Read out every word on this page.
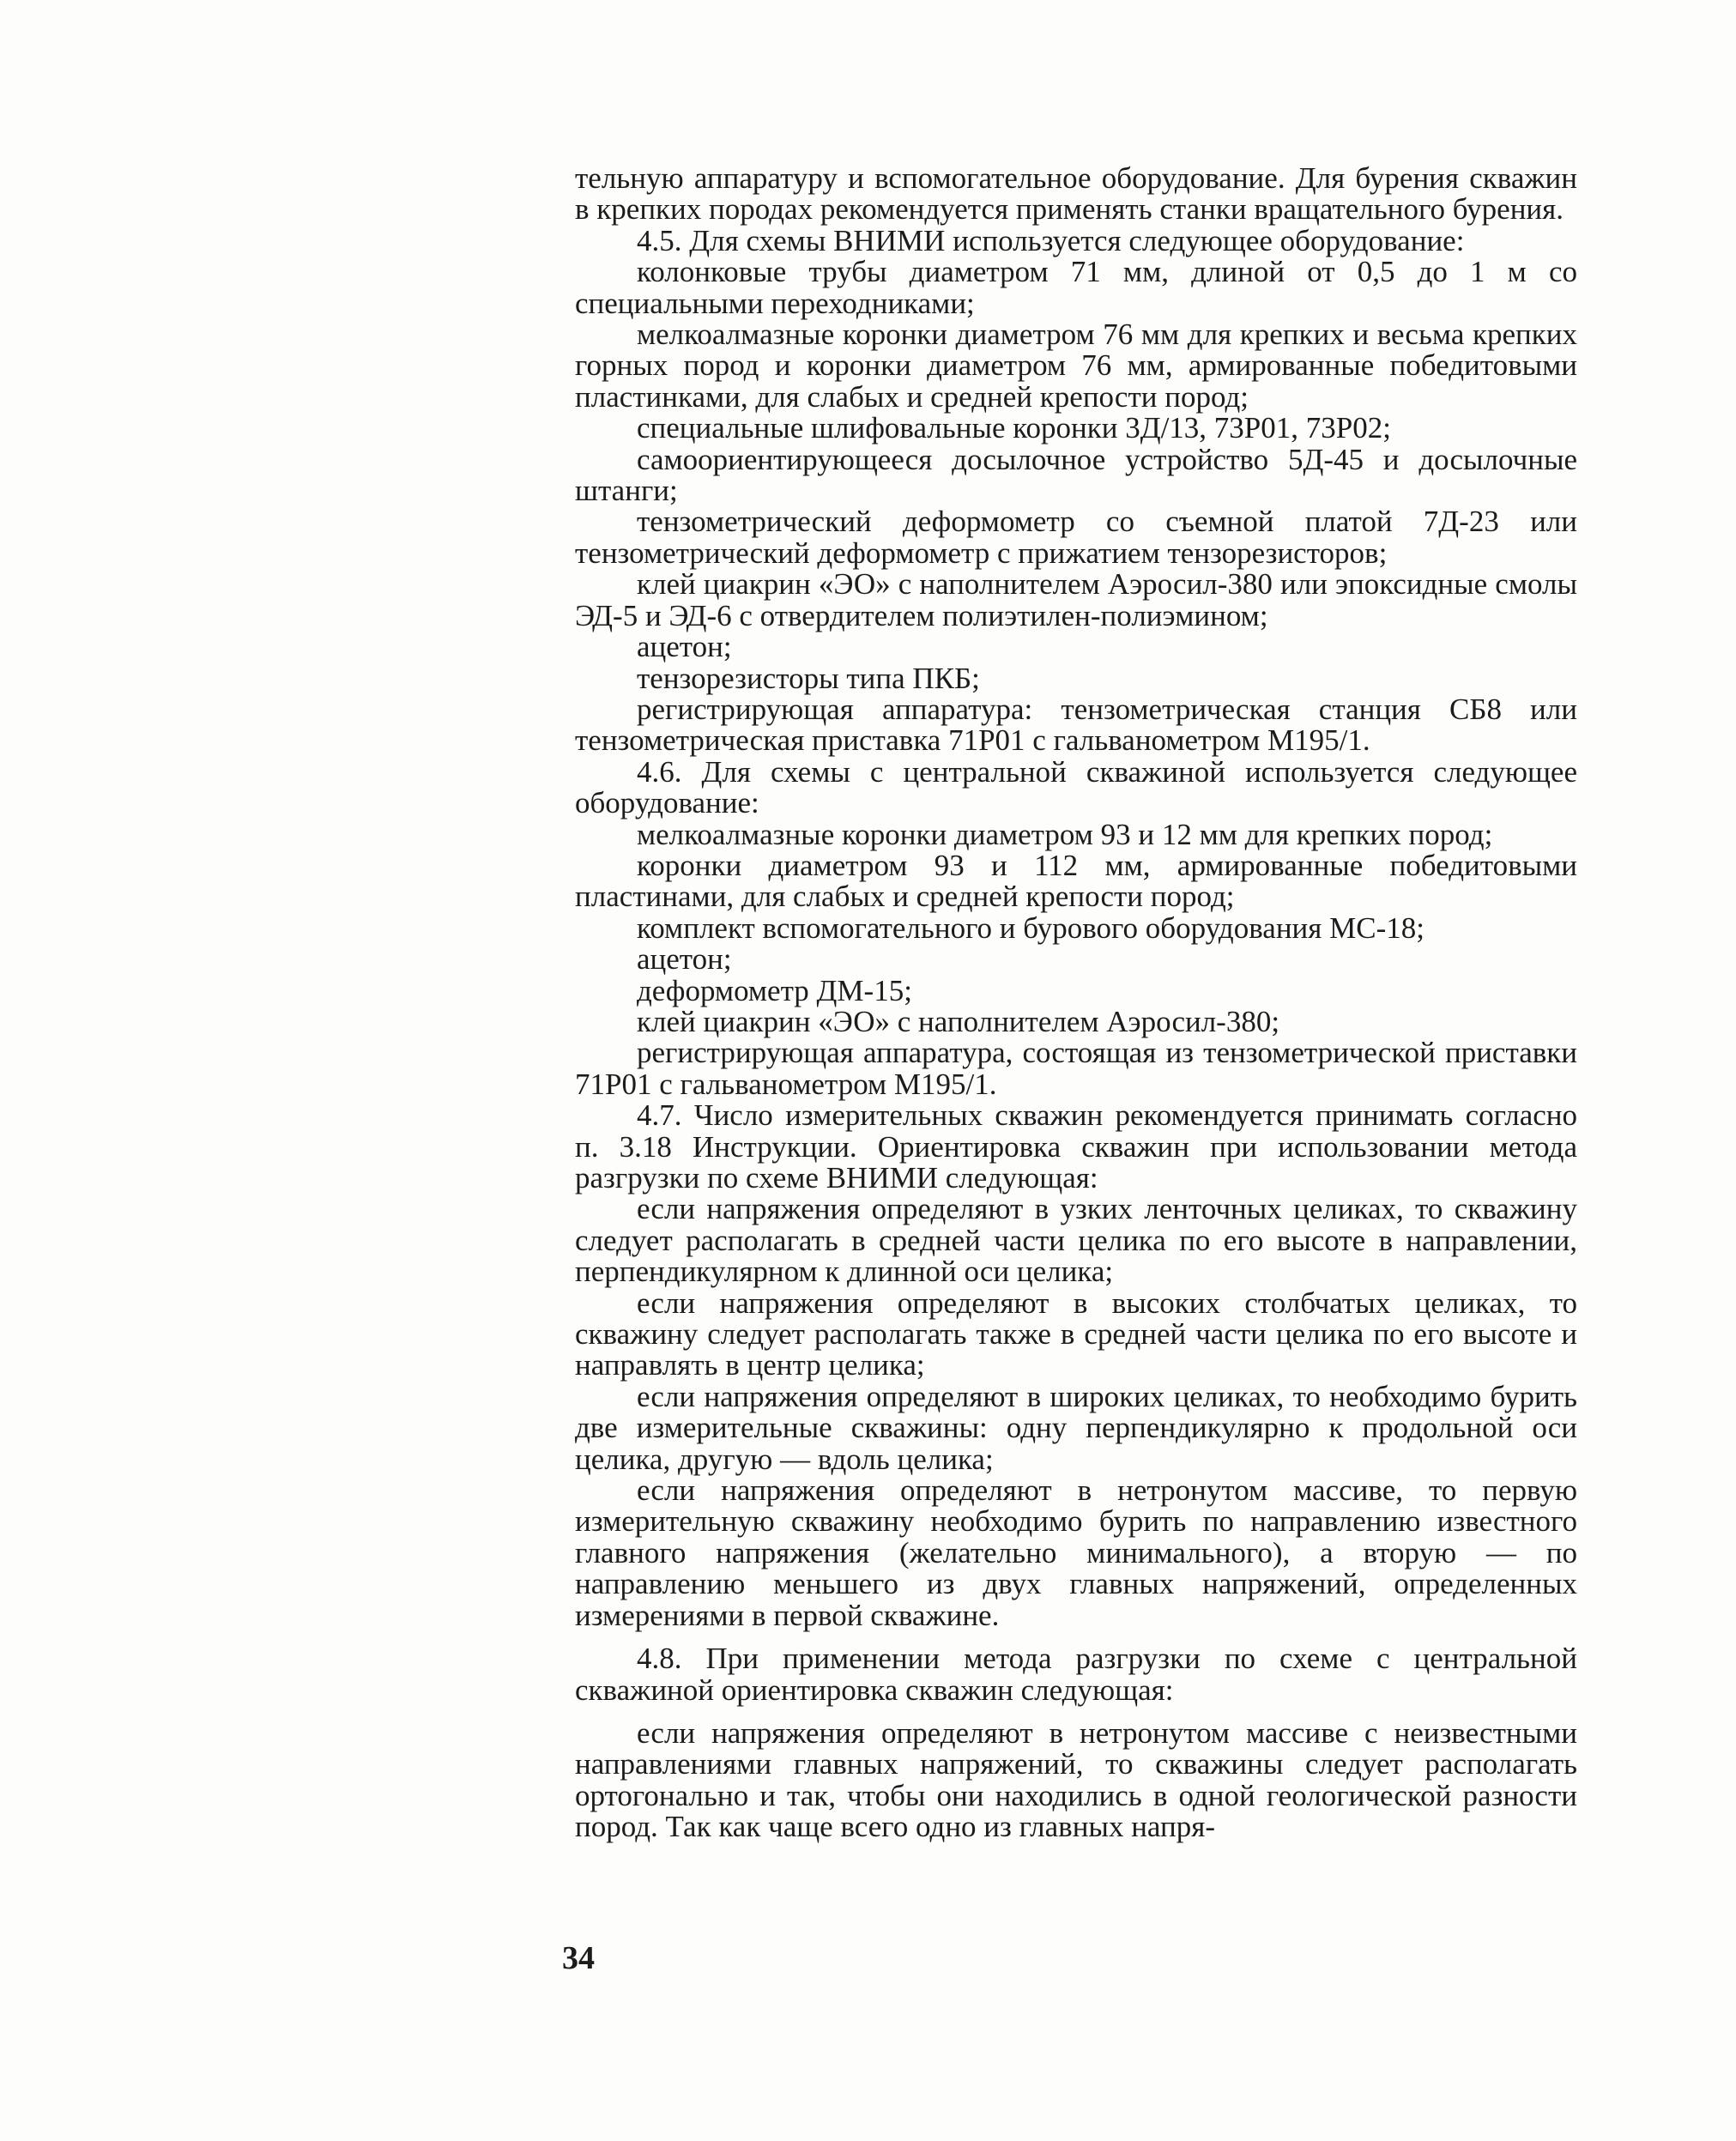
тельную аппаратуру и вспомогательное оборудование. Для бурения скважин в крепких породах рекомендуется применять станки вращательного бурения.

4.5. Для схемы ВНИМИ используется следующее оборудование:

колонковые трубы диаметром 71 мм, длиной от 0,5 до 1 м со специальными переходниками;

мелкоалмазные коронки диаметром 76 мм для крепких и весьма крепких горных пород и коронки диаметром 76 мм, армированные победитовыми пластинками, для слабых и средней крепости пород;

специальные шлифовальные коронки 3Д/13, 73Р01, 73Р02;

самоориентирующееся досылочное устройство 5Д-45 и досылочные штанги;

тензометрический деформометр со съемной платой 7Д-23 или тензометрический деформометр с прижатием тензорезисторов;

клей циакрин «ЭО» с наполнителем Аэросил-380 или эпоксидные смолы ЭД-5 и ЭД-6 с отвердителем полиэтилен-полиэмином;

ацетон;

тензорезисторы типа ПКБ;

регистрирующая аппаратура: тензометрическая станция СБ8 или тензометрическая приставка 71Р01 с гальванометром М195/1.

4.6. Для схемы с центральной скважиной используется следующее оборудование:

мелкоалмазные коронки диаметром 93 и 12 мм для крепких пород;

коронки диаметром 93 и 112 мм, армированные победитовыми пластинами, для слабых и средней крепости пород;

комплект вспомогательного и бурового оборудования МС-18;

ацетон;

деформометр ДМ-15;

клей циакрин «ЭО» с наполнителем Аэросил-380;

регистрирующая аппаратура, состоящая из тензометрической приставки 71Р01 с гальванометром М195/1.

4.7. Число измерительных скважин рекомендуется принимать согласно п. 3.18 Инструкции. Ориентировка скважин при использовании метода разгрузки по схеме ВНИМИ следующая:

если напряжения определяют в узких ленточных целиках, то скважину следует располагать в средней части целика по его высоте в направлении, перпендикулярном к длинной оси целика;

если напряжения определяют в высоких столбчатых целиках, то скважину следует располагать также в средней части целика по его высоте и направлять в центр целика;

если напряжения определяют в широких целиках, то необходимо бурить две измерительные скважины: одну перпендикулярно к продольной оси целика, другую — вдоль целика;

если напряжения определяют в нетронутом массиве, то первую измерительную скважину необходимо бурить по направлению известного главного напряжения (желательно минимального), а вторую — по направлению меньшего из двух главных напряжений, определенных измерениями в первой скважине.

4.8. При применении метода разгрузки по схеме с центральной скважиной ориентировка скважин следующая:

если напряжения определяют в нетронутом массиве с неизвестными направлениями главных напряжений, то скважины следует располагать ортогонально и так, чтобы они находились в одной геологической разности пород. Так как чаще всего одно из главных напря-

34
